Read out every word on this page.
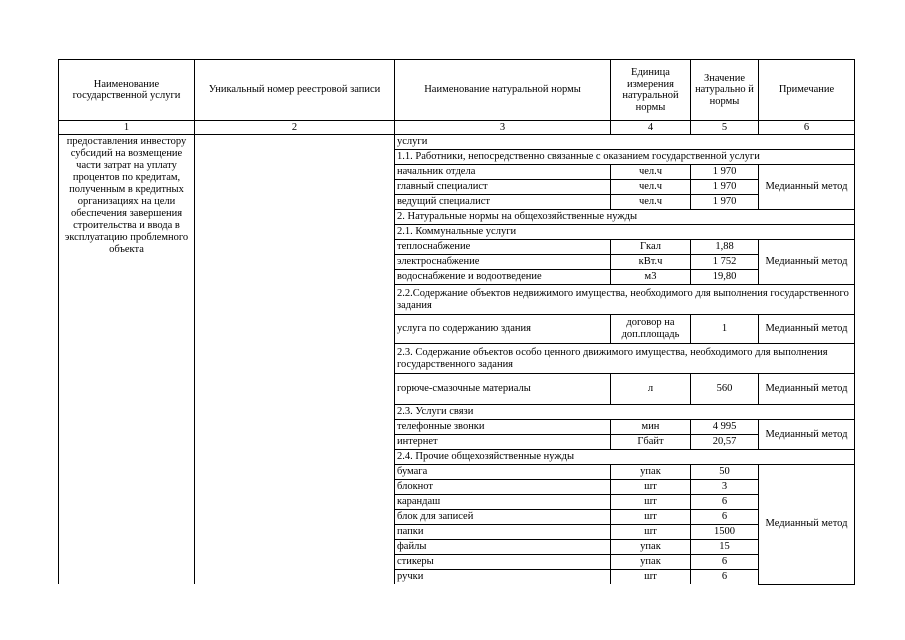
Наименование государственной услуги	Уникальный номер реестровой записи	Наименование натуральной нормы	Единица измерения натуральной нормы	Значение натурально й нормы	Примечание
1	2	3	4	5	6
предоставления инвестору субсидий на возмещение части затрат на уплату процентов по кредитам, полученным в кредитных организациях на цели обеспечения завершения строительства и ввода в эксплуатацию проблемного объекта		услуги			
		1.1. Работники, непосредственно связанные с оказанием государственной услуги			
		начальник отдела	чел.ч	1 970	Медианный метод
		главный специалист	чел.ч	1 970	
		ведущий специалист	чел.ч	1 970	
		2. Натуральные нормы на общехозяйственные нужды			
		2.1. Коммунальные услуги			
		теплоснабжение	Гкал	1,88	Медианный метод
		электроснабжение	кВт.ч	1 752	
		водоснабжение и водоотведение	м3	19,80	
		2.2.Содержание объектов недвижимого имущества, необходимого для выполнения государственного задания			
		услуга по содержанию здания	договор на доп.площадь	1	Медианный метод
		2.3. Содержание объектов особо ценного движимого имущества, необходимого для выполнения государственного задания			
		горюче-смазочные материалы	л	560	Медианный метод
		2.3. Услуги связи			
		телефонные звонки	мин	4 995	Медианный метод
		интернет	Гбайт	20,57	
		2.4. Прочие общехозяйственные нужды			
		бумага	упак	50	Медианный метод
		блокнот	шт	3	
		карандаш	шт	6	
		блок для записей	шт	6	
		папки	шт	1500	
		файлы	упак	15	
		стикеры	упак	6	
		ручки	шт	6	
